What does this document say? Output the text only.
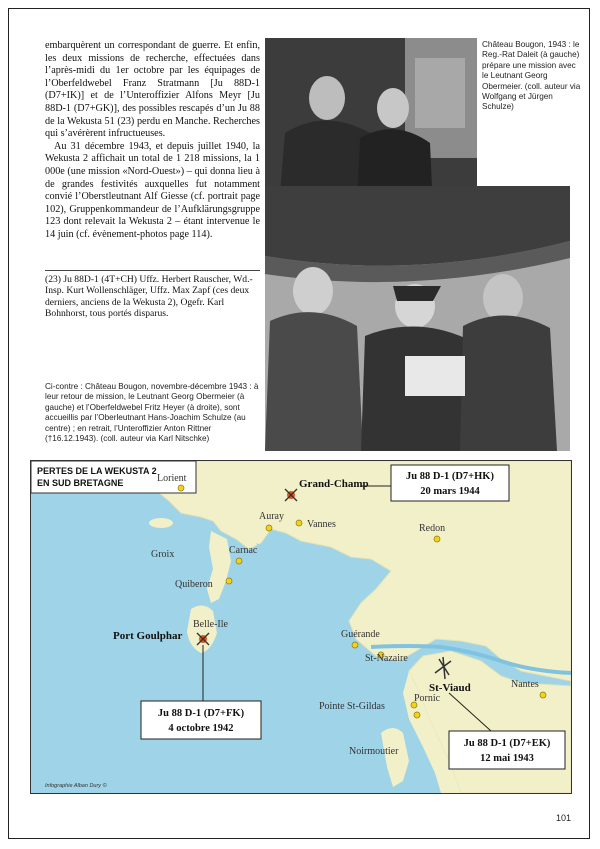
embarquèrent un correspondant de guerre. Et enfin, les deux missions de recherche, effectuées dans l’après-midi du 1er octobre par les équipages de l’Oberfeldwebel Franz Stratmann [Ju 88D-1 (D7+IK)] et de l’Unteroffizier Alfons Meyr [Ju 88D-1 (D7+GK)], des possibles rescapés d’un Ju 88 de la Wekusta 51 (23) perdu en Manche. Recherches qui s’avérèrent infructueuses.

Au 31 décembre 1943, et depuis juillet 1940, la Wekusta 2 affichait un total de 1 218 missions, la 1 000e (une mission «Nord-Ouest») – qui donna lieu à de grandes festivités auxquelles fut notamment convié l’Oberstleutnant Alf Giesse (cf. portrait page 102), Gruppenkommandeur de l’Aufklärungsgruppe 123 dont relevait la Wekusta 2 – étant intervenue le 14 juin (cf. évènement-photos page 114).

(23) Ju 88D-1 (4T+CH) Uffz. Herbert Rauscher, Wd.-Insp. Kurt Wollenschläger, Uffz. Max Zapf (ces deux derniers, anciens de la Wekusta 2), Ogefr. Karl Bohnhorst, tous portés disparus.
Château Bougon, 1943 : le Reg.-Rat Daleit (à gauche) prépare une mission avec le Leutnant Georg Obermeier. (coll. auteur via Wolfgang et Jürgen Schulze)
Ci-contre : Château Bougon, novembre-décembre 1943 : à leur retour de mission, le Leutnant Georg Obermeier (à gauche) et l’Oberfeldwebel Fritz Heyer (à droite), sont accueillis par l’Oberleutnant Hans-Joachim Schulze (au centre) ; en retrait, l’Unteroffizier Anton Rittner (†16.12.1943). (coll. auteur via Karl Nitschke)
PERTES DE LA WEKUSTA 2
EN SUD BRETAGNE	Lorient
Auray
Vannes	Redon
Groix	Carnac
Quiberon
Belle-Ile
Guérande
St-Nazaire
Nantes
Pointe St-Gildas
Pornic
Noirmoutier
Grand-Champ
Port Goulphar
St-Viaud
Ju 88 D-1 (D7+HK)
20 mars 1944
Ju 88 D-1 (D7+FK)
4 octobre 1942
Ju 88 D-1 (D7+EK)
12 mai 1943
Infographie Alban Dury ©
101
